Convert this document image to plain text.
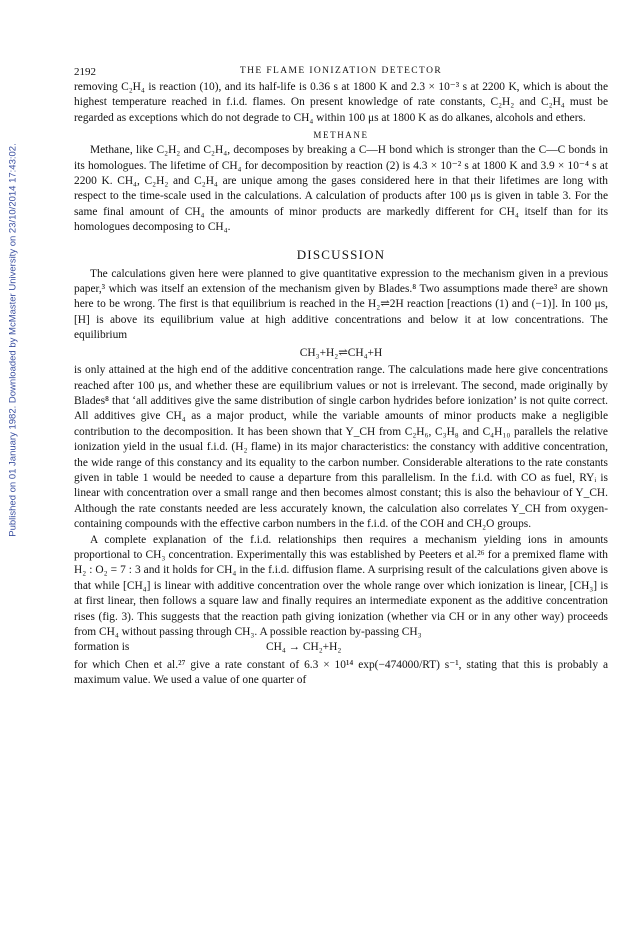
Published on 01 January 1982. Downloaded by McMaster University on 23/10/2014 17:43:02.
2192	THE FLAME IONIZATION DETECTOR

removing C₂H₄ is reaction (10), and its half-life is 0.36 s at 1800 K and 2.3 × 10⁻³ s at 2200 K, which is about the highest temperature reached in f.i.d. flames. On present knowledge of rate constants, C₂H₂ and C₂H₄ must be regarded as exceptions which do not degrade to CH₄ within 100 μs at 1800 K as do alkanes, alcohols and ethers.

METHANE

Methane, like C₂H₂ and C₂H₄, decomposes by breaking a C—H bond which is stronger than the C—C bonds in its homologues. The lifetime of CH₄ for decomposition by reaction (2) is 4.3 × 10⁻² s at 1800 K and 3.9 × 10⁻⁴ s at 2200 K. CH₄, C₂H₂ and C₂H₄ are unique among the gases considered here in that their lifetimes are long with respect to the time-scale used in the calculations. A calculation of products after 100 μs is given in table 3. For the same final amount of CH₄ the amounts of minor products are markedly different for CH₄ itself than for its homologues decomposing to CH₄.

DISCUSSION

The calculations given here were planned to give quantitative expression to the mechanism given in a previous paper,³ which was itself an extension of the mechanism given by Blades.⁸ Two assumptions made there³ are shown here to be wrong. The first is that equilibrium is reached in the H₂⇌2H reaction [reactions (1) and (−1)]. In 100 μs, [H] is above its equilibrium value at high additive concentrations and below it at low concentrations. The equilibrium

CH₃+H₂⇌CH₄+H

is only attained at the high end of the additive concentration range. The calculations made here give concentrations reached after 100 μs, and whether these are equilibrium values or not is irrelevant. The second, made originally by Blades⁸ that ‘all additives give the same distribution of single carbon hydrides before ionization’ is not quite correct. All additives give CH₄ as a major product, while the variable amounts of minor products make a negligible contribution to the decomposition. It has been shown that Y_CH from C₂H₆, C₃H₈ and C₄H₁₀ parallels the relative ionization yield in the usual f.i.d. (H₂ flame) in its major characteristics: the constancy with additive concentration, the wide range of this constancy and its equality to the carbon number. Considerable alterations to the rate constants given in table 1 would be needed to cause a departure from this parallelism. In the f.i.d. with CO as fuel, RYᵢ is linear with concentration over a small range and then becomes almost constant; this is also the behaviour of Y_CH. Although the rate constants needed are less accurately known, the calculation also correlates Y_CH from oxygen-containing compounds with the effective carbon numbers in the f.i.d. of the COH and CH₂O groups.

A complete explanation of the f.i.d. relationships then requires a mechanism yielding ions in amounts proportional to CH₃ concentration. Experimentally this was established by Peeters et al.²⁶ for a premixed flame with H₂ : O₂ = 7 : 3 and it holds for CH₄ in the f.i.d. diffusion flame. A surprising result of the calculations given above is that while [CH₄] is linear with additive concentration over the whole range over which ionization is linear, [CH₃] is at first linear, then follows a square law and finally requires an intermediate exponent as the additive concentration rises (fig. 3). This suggests that the reaction path giving ionization (whether via CH or in any other way) proceeds from CH₄ without passing through CH₃. A possible reaction by-passing CH₃

formation is	CH₄ → CH₂+H₂

for which Chen et al.²⁷ give a rate constant of 6.3 × 10¹⁴ exp(−474000/RT) s⁻¹, stating that this is probably a maximum value. We used a value of one quarter of
